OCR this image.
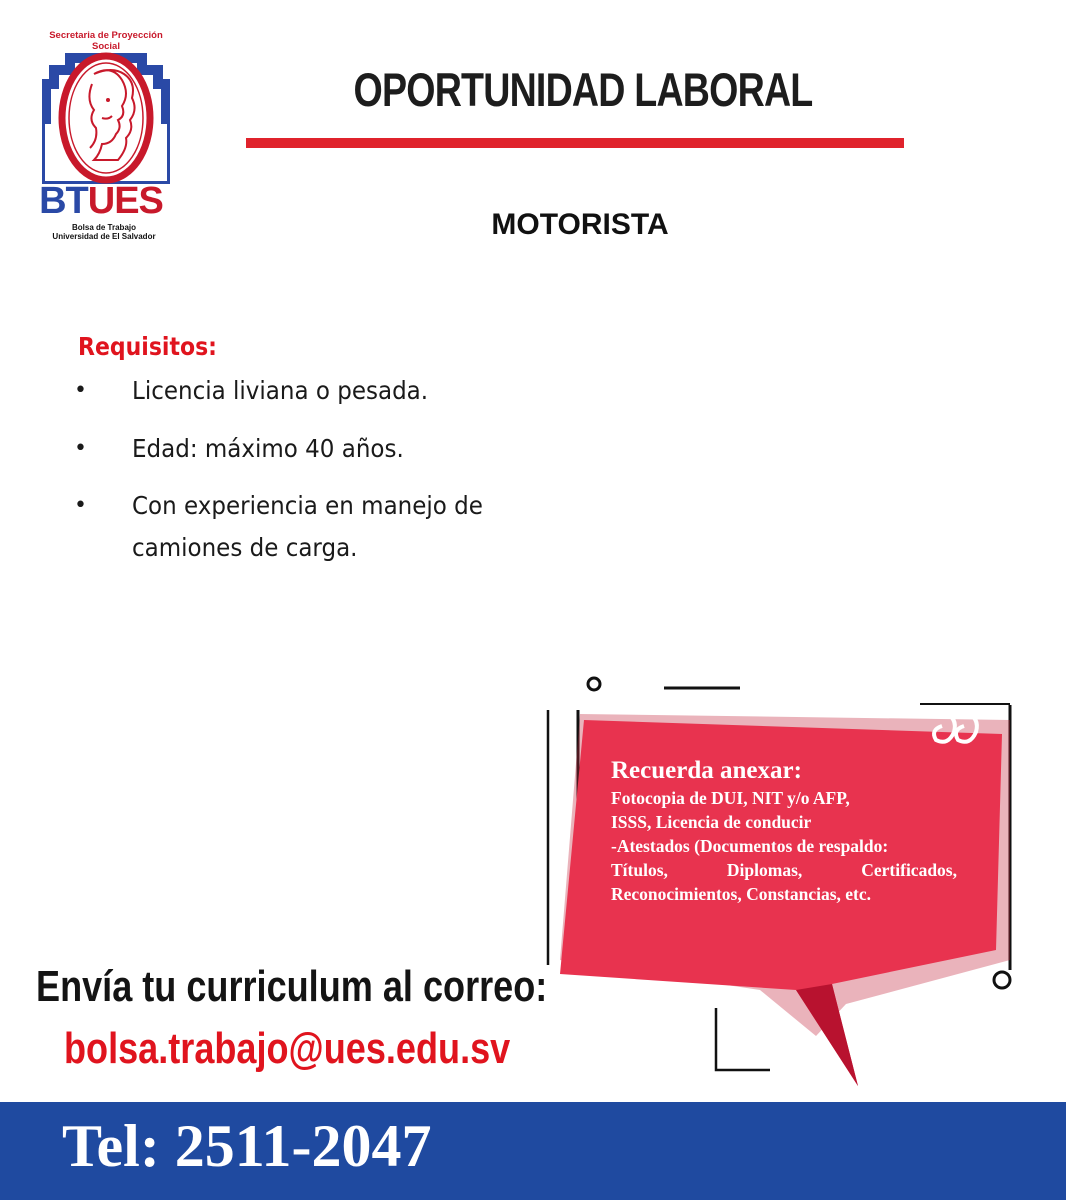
Secretaria de Proyección Social
BTUES
Bolsa de Trabajo
Universidad de El Salvador
OPORTUNIDAD LABORAL
MOTORISTA
Requisitos:
• Licencia liviana o pesada.
• Edad: máximo 40 años.
• Con experiencia en manejo de camiones de carga.
Recuerda anexar:
Fotocopia de DUI, NIT y/o AFP,
ISSS, Licencia de conducir
-Atestados (Documentos de respaldo:
Títulos, Diplomas, Certificados,
Reconocimientos, Constancias, etc.
Envía tu curriculum al correo:
bolsa.trabajo@ues.edu.sv
Tel: 2511-2047
